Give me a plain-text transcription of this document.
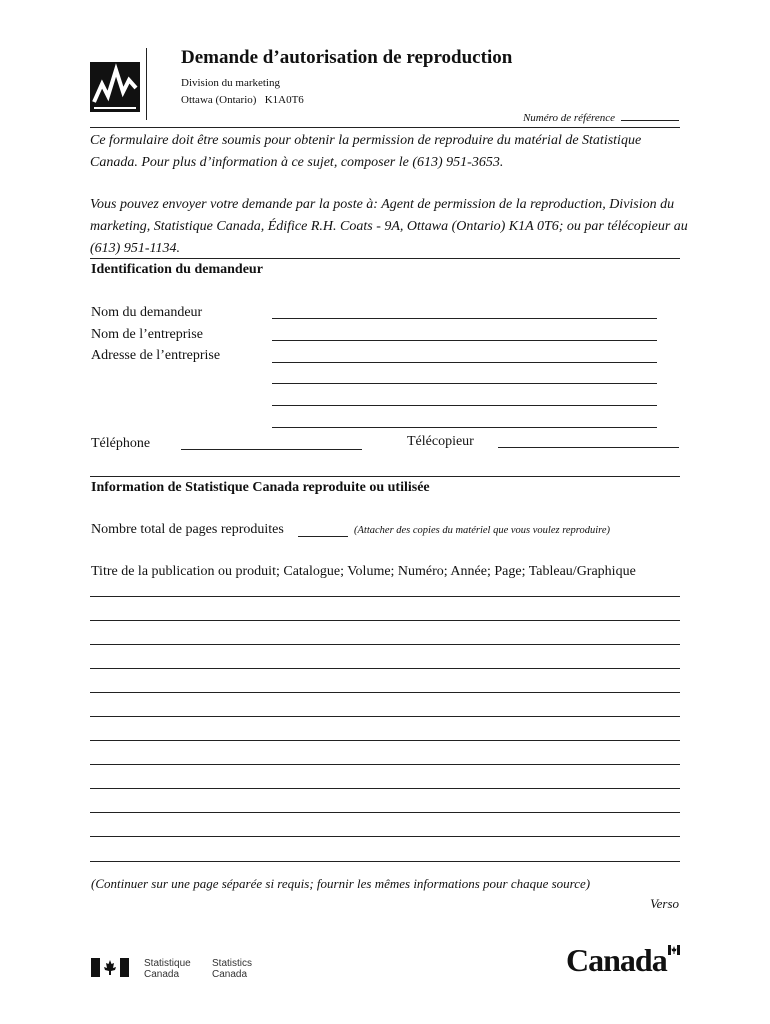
Demande d’autorisation de reproduction
Division du marketing
Ottawa (Ontario)   K1A0T6
Numéro de référence
Ce formulaire doit être soumis pour obtenir la permission de reproduire du matérial de Statistique Canada. Pour plus d’information à ce sujet, composer le (613) 951-3653.
Vous pouvez envoyer votre demande par la poste à: Agent de permission de la reproduction, Division du marketing, Statistique Canada, Édifice R.H. Coats - 9A, Ottawa (Ontario) K1A 0T6; ou par télécopieur au (613) 951-1134.
Identification du demandeur
Nom du demandeur
Nom de l’entreprise
Adresse de l’entreprise
Téléphone	Télécopieur
Information de Statistique Canada reproduite ou utilisée
Nombre total de pages reproduites	(Attacher des copies du matériel que vous voulez reproduire)
Titre de la publication ou produit; Catalogue; Volume; Numéro; Année; Page; Tableau/Graphique
(Continuer sur une page séparée si requis; fournir les mêmes informations pour chaque source)
Verso
Statistique
Canada
Statistics
Canada	Canada
